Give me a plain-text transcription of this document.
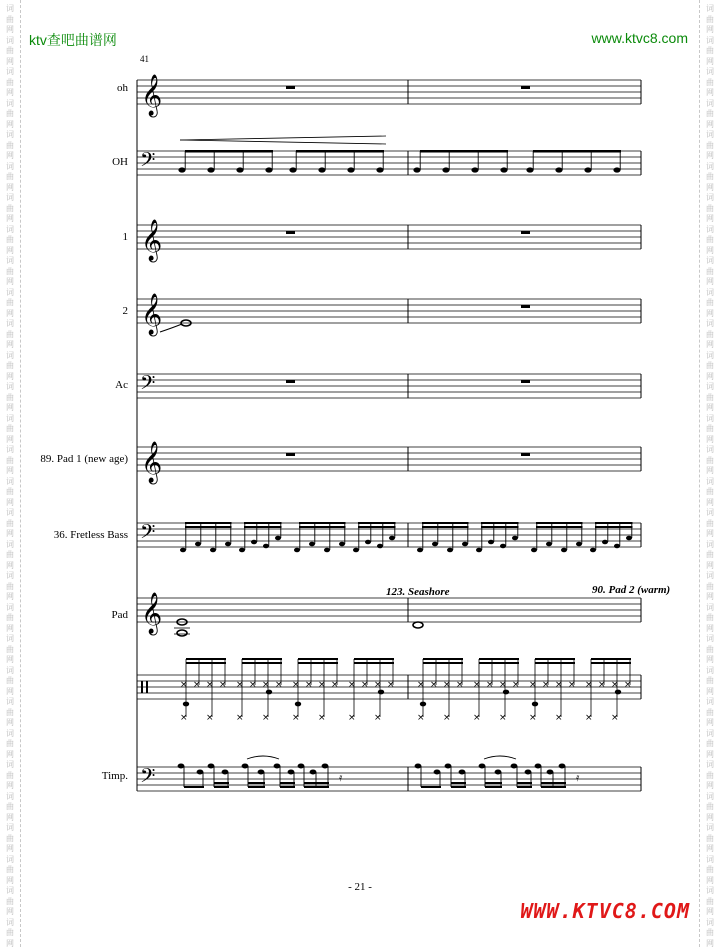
词
曲
网
词
曲
网
词
曲
网
词
曲
网
词
曲
网
词
曲
网
词
曲
网
词
曲
网
词
曲
网
词
曲
网
词
曲
网
词
曲
网
词
曲
网
词
曲
网
词
曲
网
词
曲
网
词
曲
网
词
曲
网
词
曲
网
词
曲
网
词
曲
网
词
曲
网
词
曲
网
词
曲
网
词
曲
网
词
曲
网
词
曲
网
词
曲
网
词
曲
网
词
曲
网
词
曲
网
词
曲
网
词
曲
网
词
曲
网
词
曲
网
词
曲
网
词
曲
网
词
曲
网
词
曲
网
词
曲
网
词
曲
网
词
曲
网
词
曲
网
词
曲
网
词
曲
网
词
曲
网
词
曲
网
词
曲
网
词
曲
网
词
曲
网
词
曲
网
词
曲
网
词
曲
网
词
曲
网
词
曲
网
词
曲
网
词
曲
网
词
曲
网
词
曲
网
词
曲
网
ktv查吧曲谱网	www.ktvc8.com
41
oh
OH
1
2
Ac
89. Pad 1 (new age)
36. Fretless Bass
Pad
Timp.
123. Seashore	90. Pad 2 (warm)
𝄞
𝄢
𝄞
𝄞
𝄢
𝄞
𝄢
𝄞
𝄢
× × × ×
× ×
× × × ×
× ×
× × × ×
× ×
× × × ×
× ×
× × × ×
× ×
× × × ×
× ×
× × × ×
× ×
× × × ×
× ×
𝄿	𝄿
- 21 -
WWW.KTVC8.COM
